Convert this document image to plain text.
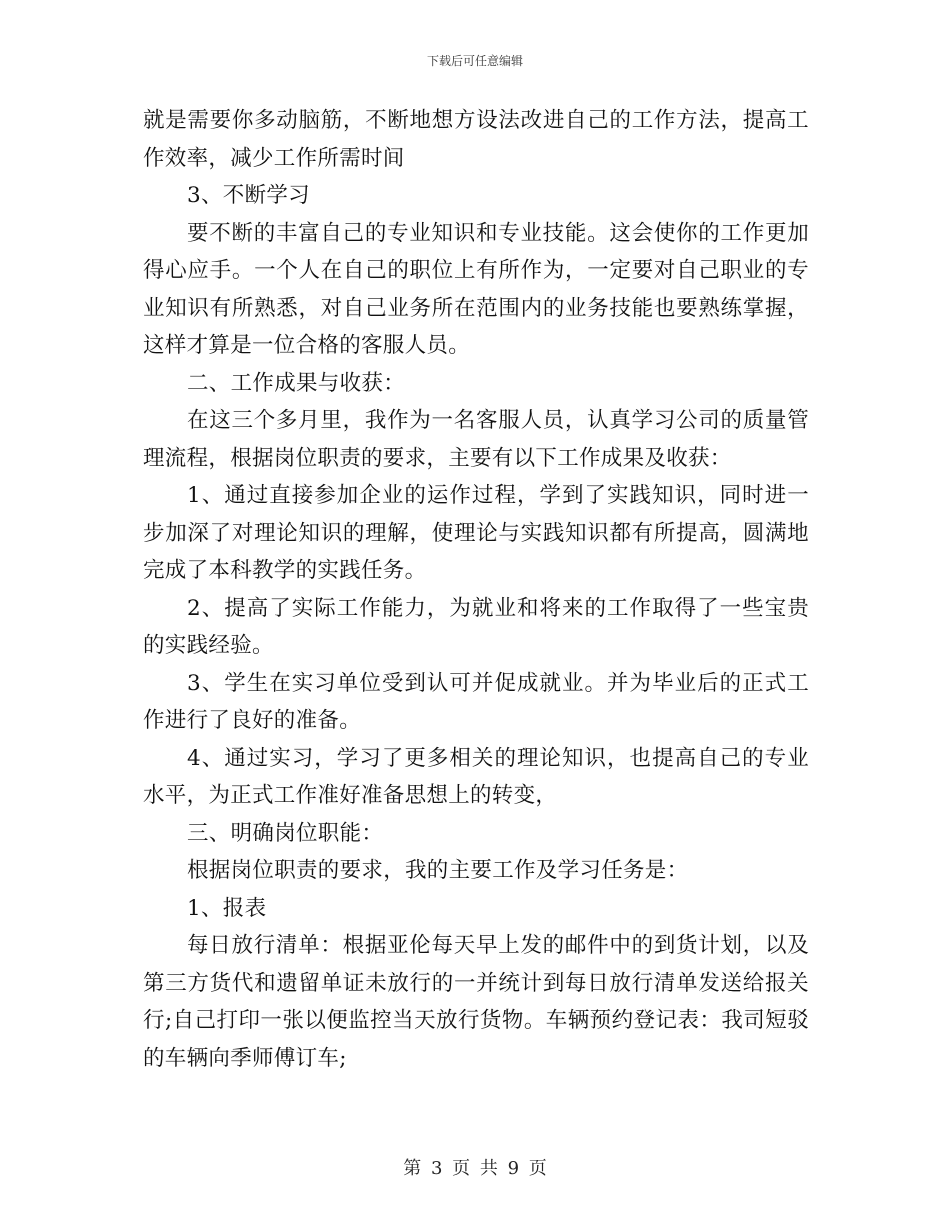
下载后可任意编辑

就是需要你多动脑筋，不断地想方设法改进自己的工作方法，提高工作效率，减少工作所需时间

3、不断学习

要不断的丰富自己的专业知识和专业技能。这会使你的工作更加得心应手。一个人在自己的职位上有所作为，一定要对自己职业的专业知识有所熟悉，对自己业务所在范围内的业务技能也要熟练掌握，这样才算是一位合格的客服人员。

二、工作成果与收获：

在这三个多月里，我作为一名客服人员，认真学习公司的质量管理流程，根据岗位职责的要求，主要有以下工作成果及收获：

1、通过直接参加企业的运作过程，学到了实践知识，同时进一步加深了对理论知识的理解，使理论与实践知识都有所提高，圆满地完成了本科教学的实践任务。

2、提高了实际工作能力，为就业和将来的工作取得了一些宝贵的实践经验。

3、学生在实习单位受到认可并促成就业。并为毕业后的正式工作进行了良好的准备。

4、通过实习，学习了更多相关的理论知识，也提高自己的专业水平，为正式工作准好准备思想上的转变，

三、明确岗位职能：

根据岗位职责的要求，我的主要工作及学习任务是：

1、报表

每日放行清单：根据亚伦每天早上发的邮件中的到货计划，以及第三方货代和遗留单证未放行的一并统计到每日放行清单发送给报关行;自己打印一张以便监控当天放行货物。车辆预约登记表：我司短驳的车辆向季师傅订车;

第 3 页 共 9 页
